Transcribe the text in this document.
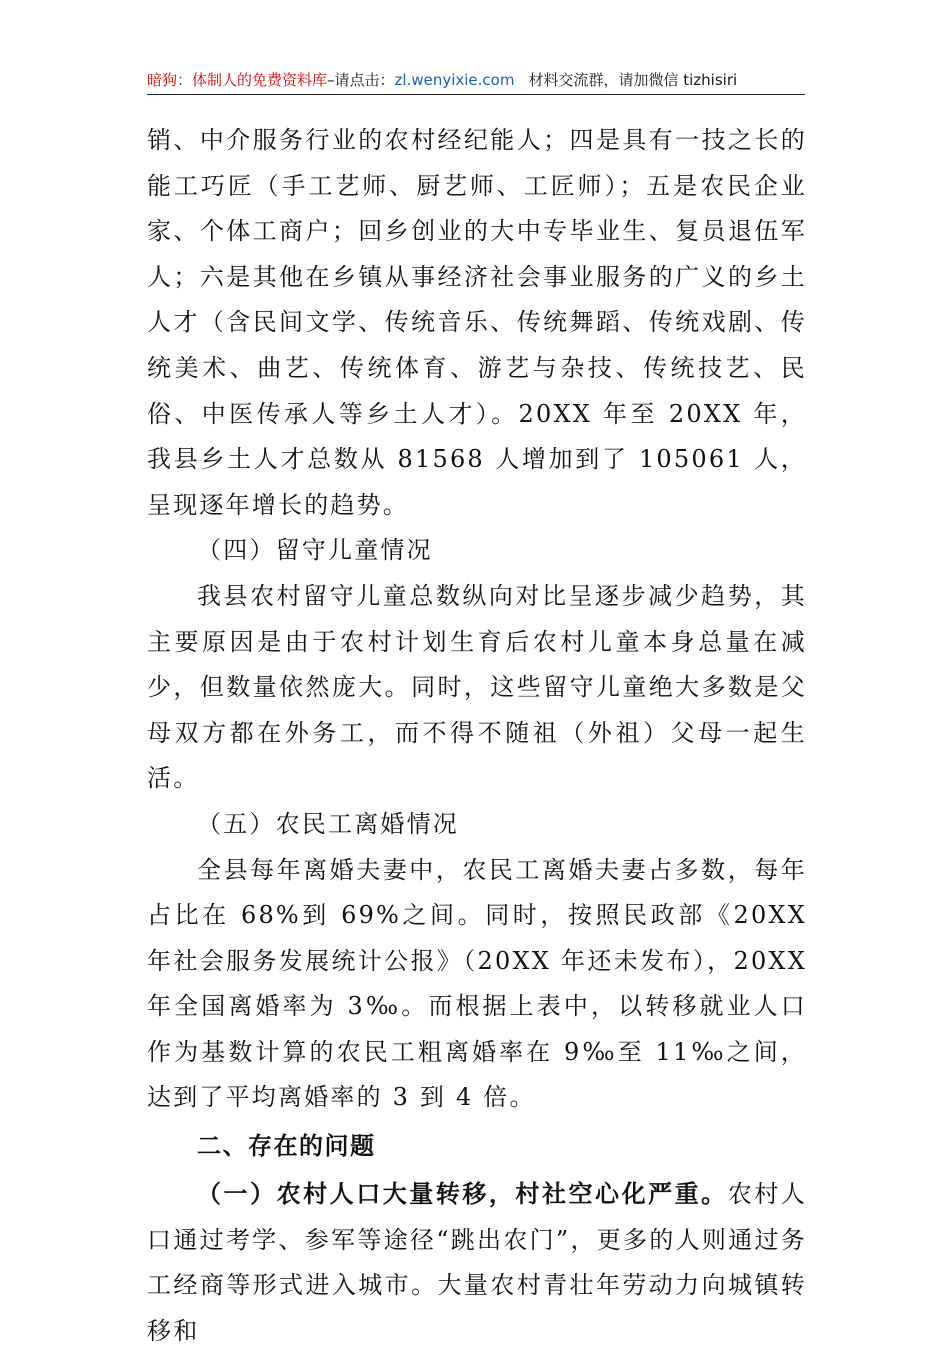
暗狗：体制人的免费资料库–请点击：zl.wenyixie.com 材料交流群，请加微信 tizhisiri

销、中介服务行业的农村经纪能人；四是具有一技之长的能工巧匠（手工艺师、厨艺师、工匠师）；五是农民企业家、个体工商户；回乡创业的大中专毕业生、复员退伍军人；六是其他在乡镇从事经济社会事业服务的广义的乡土人才（含民间文学、传统音乐、传统舞蹈、传统戏剧、传统美术、曲艺、传统体育、游艺与杂技、传统技艺、民俗、中医传承人等乡土人才）。20XX 年至 20XX 年，我县乡土人才总数从 81568 人增加到了 105061 人，呈现逐年增长的趋势。

（四）留守儿童情况

我县农村留守儿童总数纵向对比呈逐步减少趋势，其主要原因是由于农村计划生育后农村儿童本身总量在减少，但数量依然庞大。同时，这些留守儿童绝大多数是父母双方都在外务工，而不得不随祖（外祖）父母一起生活。

（五）农民工离婚情况

全县每年离婚夫妻中，农民工离婚夫妻占多数，每年占比在 68%到 69%之间。同时，按照民政部《20XX 年社会服务发展统计公报》（20XX 年还未发布），20XX 年全国离婚率为 3‰。而根据上表中，以转移就业人口作为基数计算的农民工粗离婚率在 9‰至 11‰之间，达到了平均离婚率的 3 到 4 倍。

二、存在的问题

（一）农村人口大量转移，村社空心化严重。农村人口通过考学、参军等途径“跳出农门”，更多的人则通过务工经商等形式进入城市。大量农村青壮年劳动力向城镇转移和
